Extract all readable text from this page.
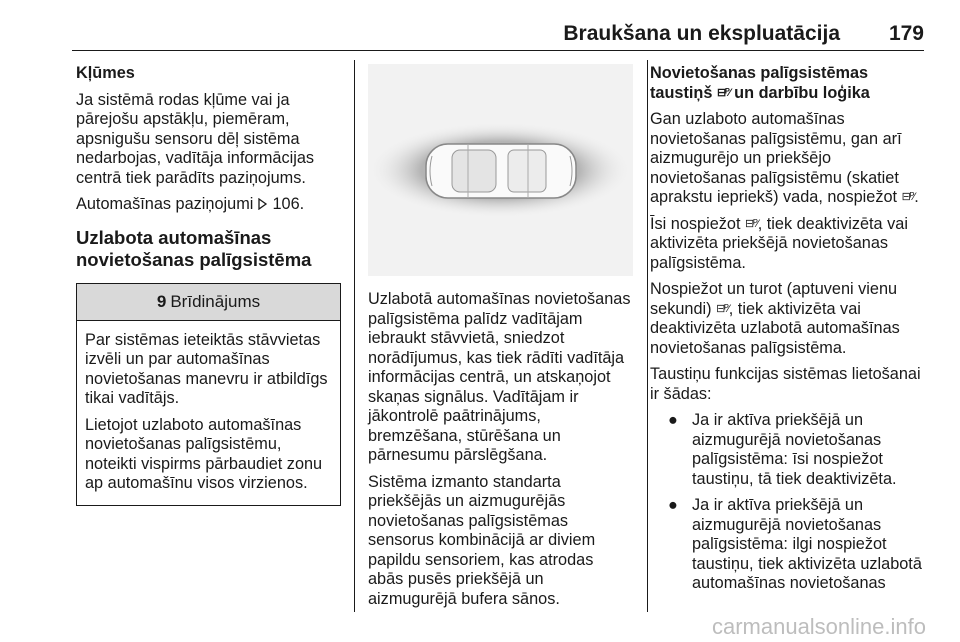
Braukšana un ekspluatācija 179

Kļūmes

Ja sistēmā rodas kļūme vai ja pārejošu apstākļu, piemēram, apsnigušu sensoru dēļ sistēma nedarbojas, vadītāja informācijas centrā tiek parādīts paziņojums.

Automašīnas paziņojumi 106.

Uzlabota automašīnas novietošanas palīgsistēma
9 Brīdinājums

Par sistēmas ieteiktās stāvvietas izvēli un par automašīnas novietošanas manevru ir atbildīgs tikai vadītājs.

Lietojot uzlaboto automašīnas novietošanas palīgsistēmu, noteikti vispirms pārbaudiet zonu ap automašīnu visos virzienos.

Uzlabotā automašīnas novietošanas palīgsistēma palīdz vadītājam iebraukt stāvvietā, sniedzot norādījumus, kas tiek rādīti vadītāja informācijas centrā, un atskaņojot skaņas signālus. Vadītājam ir jākontrolē paātrinājums, bremzēšana, stūrēšana un pārnesumu pārslēgšana.

Sistēma izmanto standarta priekšējās un aizmugurējās novietošanas palīgsistēmas sensorus kombinācijā ar diviem papildu sensoriem, kas atrodas abās pusēs priekšējā un aizmugurējā bufera sānos.

Novietošanas palīgsistēmas
taustiņš ⊟ᴾ⁄ un darbību loģika

Gan uzlaboto automašīnas novietošanas palīgsistēmu, gan arī aizmugurējo un priekšējo novietošanas palīgsistēmu (skatiet aprakstu iepriekš) vada, nospiežot ⊟ᴾ⁄.

Īsi nospiežot ⊟ᴾ⁄, tiek deaktivizēta vai aktivizēta priekšējā novietošanas palīgsistēma.

Nospiežot un turot (aptuveni vienu sekundi) ⊟ᴾ⁄, tiek aktivizēta vai deaktivizēta uzlabotā automašīnas novietošanas palīgsistēma.

Taustiņu funkcijas sistēmas lietošanai ir šādas:

● Ja ir aktīva priekšējā un aizmugurējā novietošanas palīgsistēma: īsi nospiežot taustiņu, tā tiek deaktivizēta.
● Ja ir aktīva priekšējā un aizmugurējā novietošanas palīgsistēma: ilgi nospiežot taustiņu, tiek aktivizēta uzlabotā automašīnas novietošanas
carmanualsonline.info
